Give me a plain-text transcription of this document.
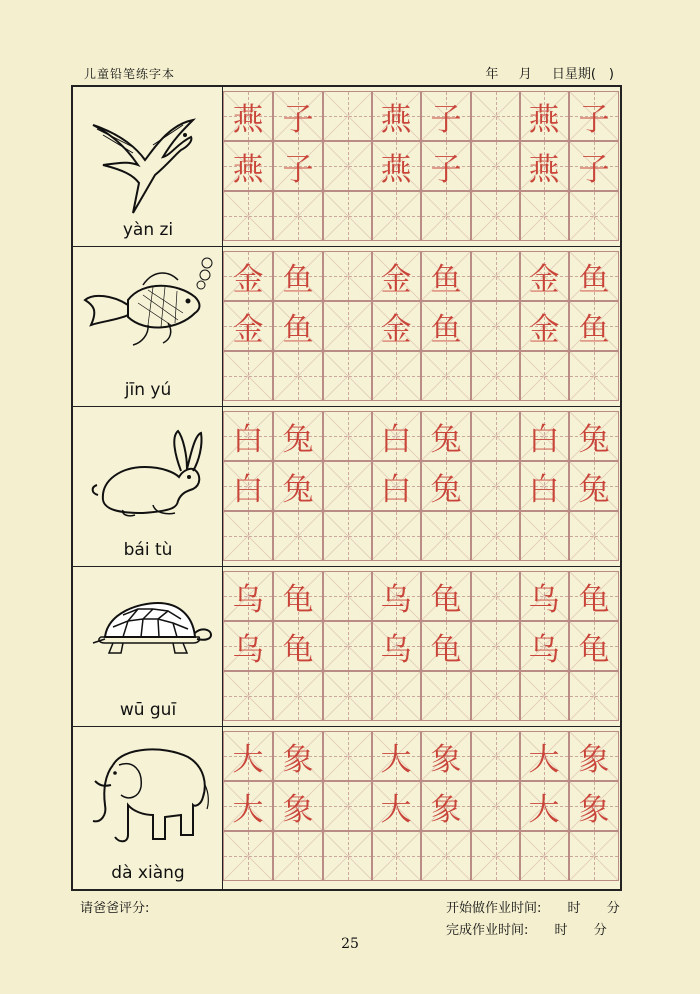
儿童铅笔练字本	年 月 日星期(　)
yàn zi
燕 子 燕 子 燕 子
燕 子 燕 子 燕 子
jīn yú
金 鱼 金 鱼 金 鱼
金 鱼 金 鱼 金 鱼
bái tù
白 兔 白 兔 白 兔
白 兔 白 兔 白 兔
wū guī
乌 龟 乌 龟 乌 龟
乌 龟 乌 龟 乌 龟
dà xiàng
大 象 大 象 大 象
大 象 大 象 大 象
请爸爸评分:	开始做作业时间: 时 分
完成作业时间: 时 分
25
